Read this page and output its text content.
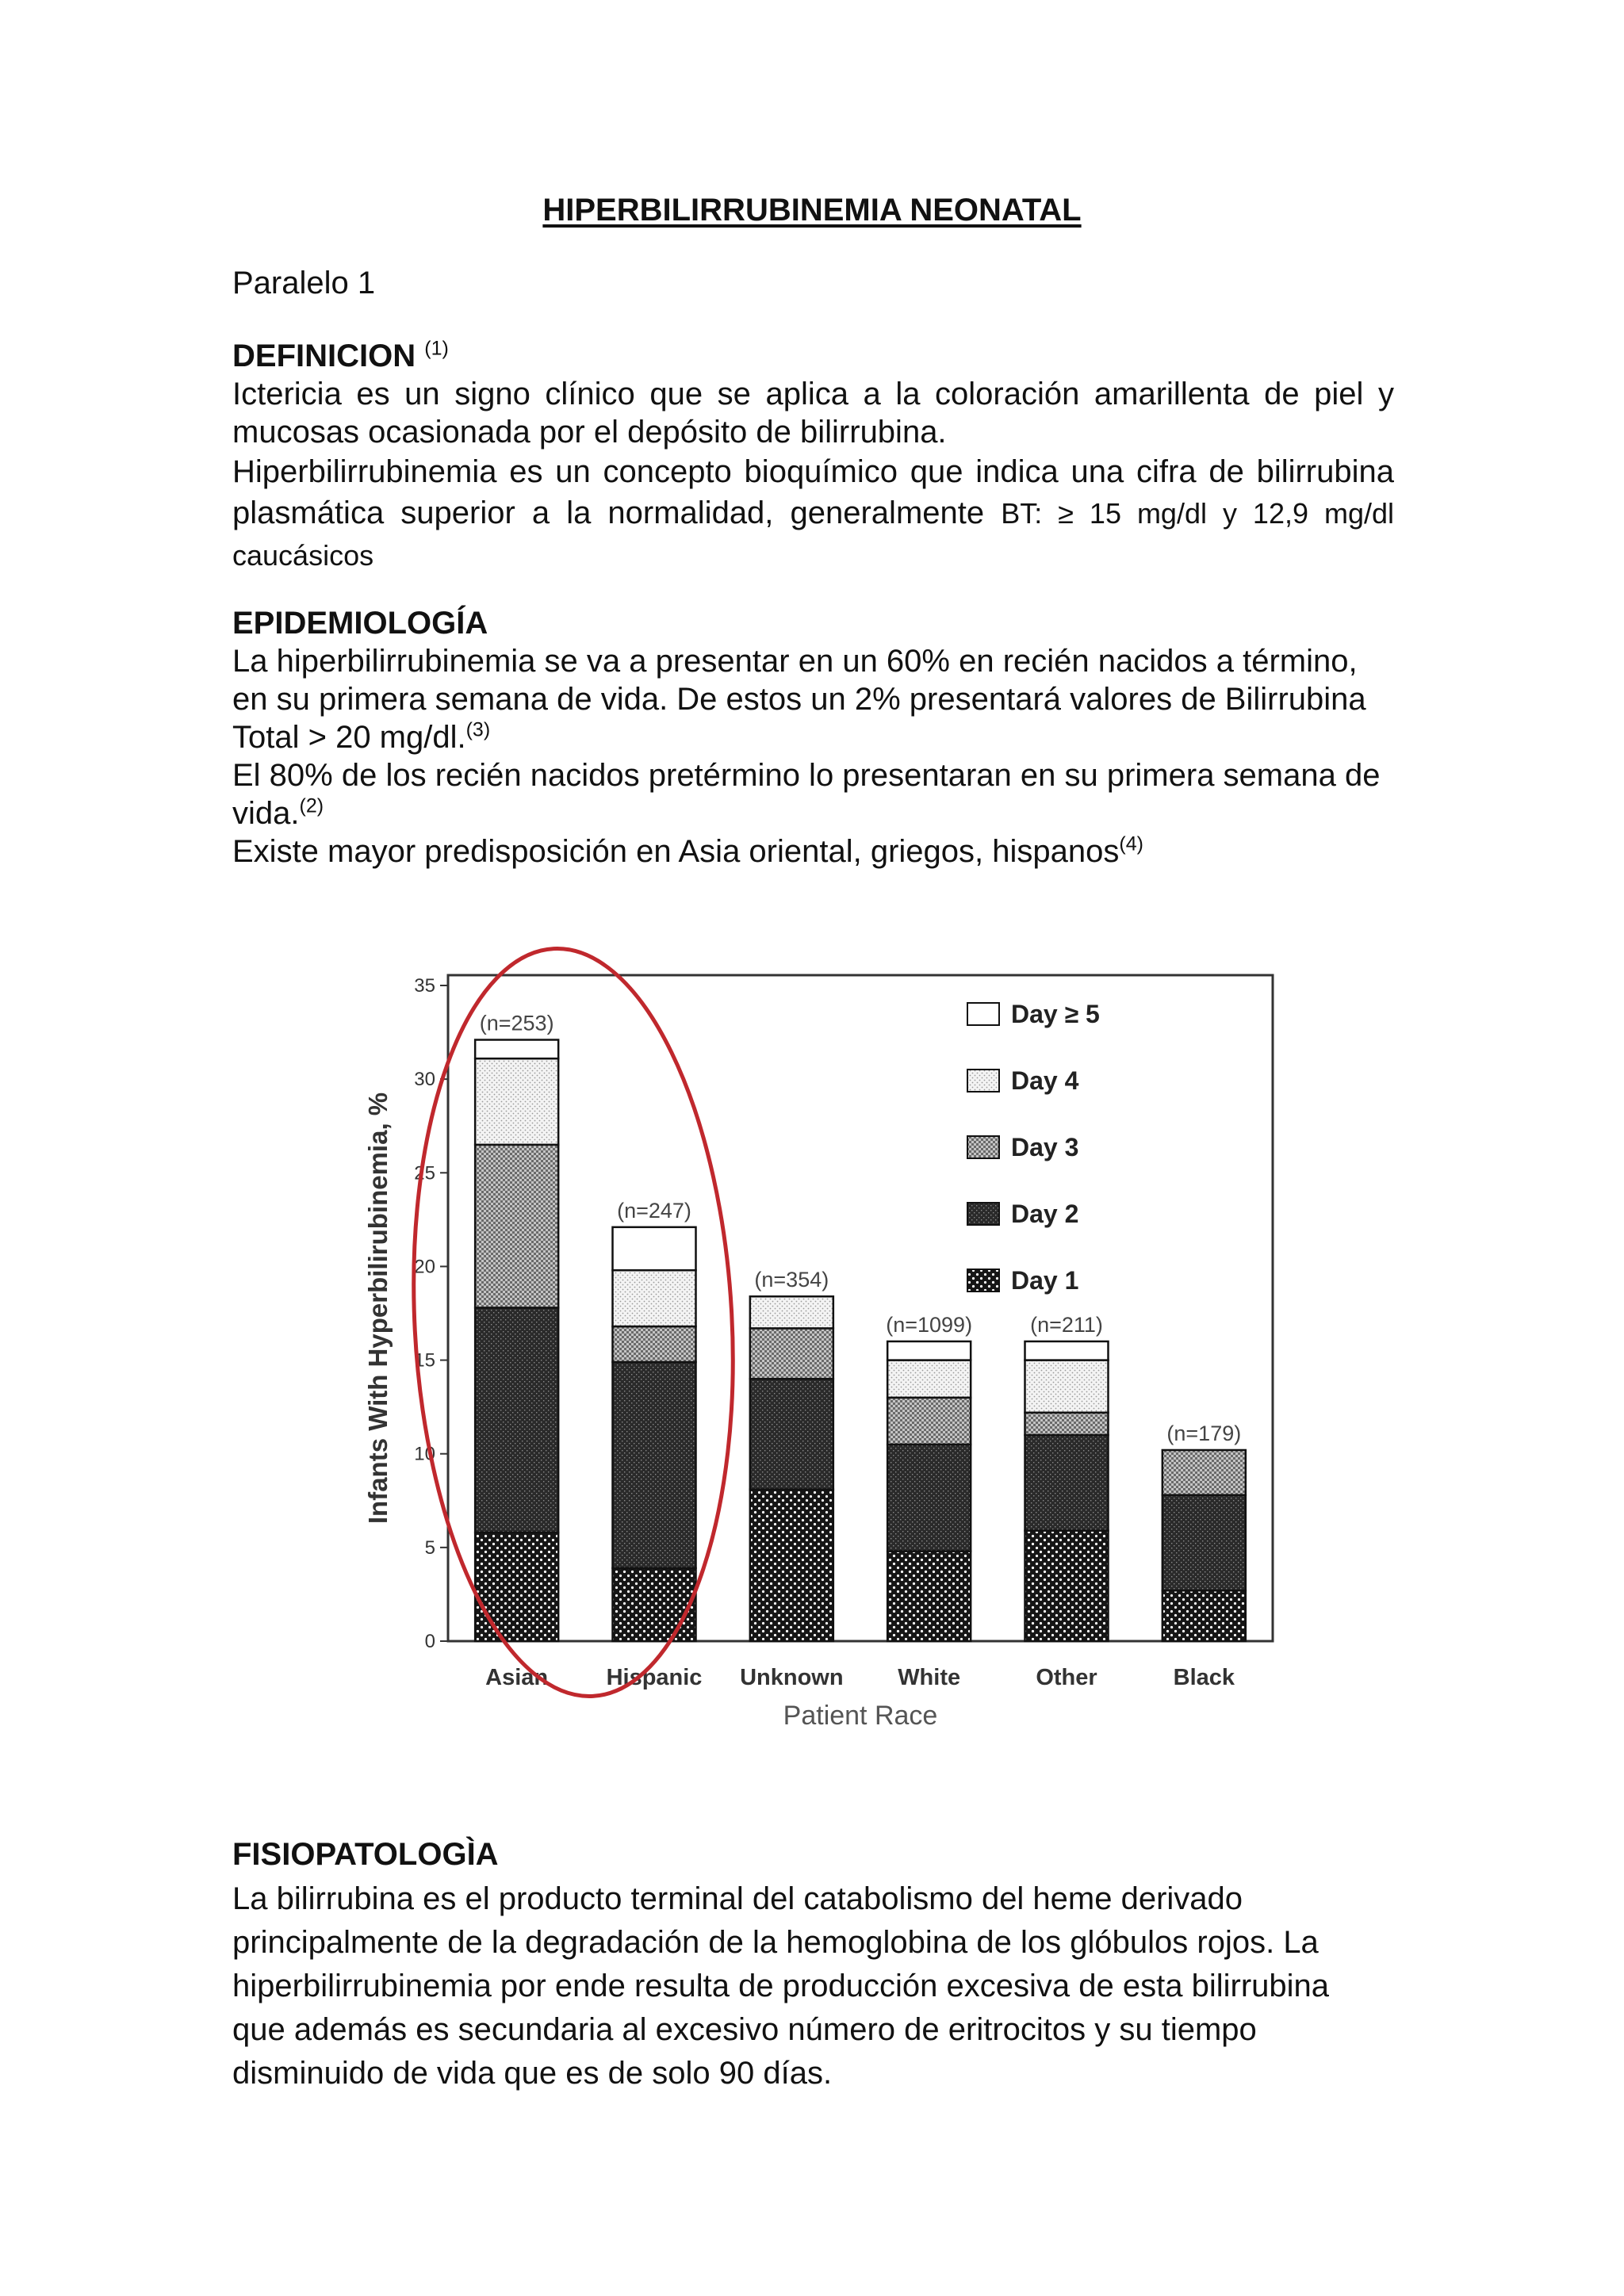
HIPERBILIRRUBINEMIA NEONATAL

Paralelo 1

DEFINICION $^{(1)}$

Ictericia es un signo clínico que se aplica a la coloración amarillenta de piel y mucosas ocasionada por el depósito de bilirrubina.

Hiperbilirrubinemia es un concepto bioquímico que indica una cifra de bilirrubina plasmática superior a la normalidad, generalmente BT: ≥ 15 mg/dl y 12,9 mg/dl caucásicos

EPIDEMIOLOGÍA

La hiperbilirrubinemia se va a presentar en un 60% en recién nacidos a término, en su primera semana de vida. De estos un 2% presentará valores de Bilirrubina Total > 20 mg/dl.$^{(3)}$

El 80% de los recién nacidos pretérmino lo presentaran en su primera semana de vida.$^{(2)}$

Existe mayor predisposición en Asia oriental, griegos, hispanos$^{(4)}$

0
5
10
15
20
25
30
35
(n=253)
(n=247)
(n=354)
(n=1099)	(n=211)
(n=179)
Asian	Hispanic Unknown White	Other	Black
Day ≥ 5
Day 4
Day 3
Day 2
Day 1
Infants With Hyperbilirubinemia, %
Patient Race

FISIOPATOLOGÌA

La bilirrubina es el producto terminal del catabolismo del heme derivado

principalmente de la degradación de la hemoglobina de los glóbulos rojos. La

hiperbilirrubinemia por ende resulta de producción excesiva de esta bilirrubina

que además es secundaria al excesivo número de eritrocitos y su tiempo

disminuido de vida que es de solo 90 días.
